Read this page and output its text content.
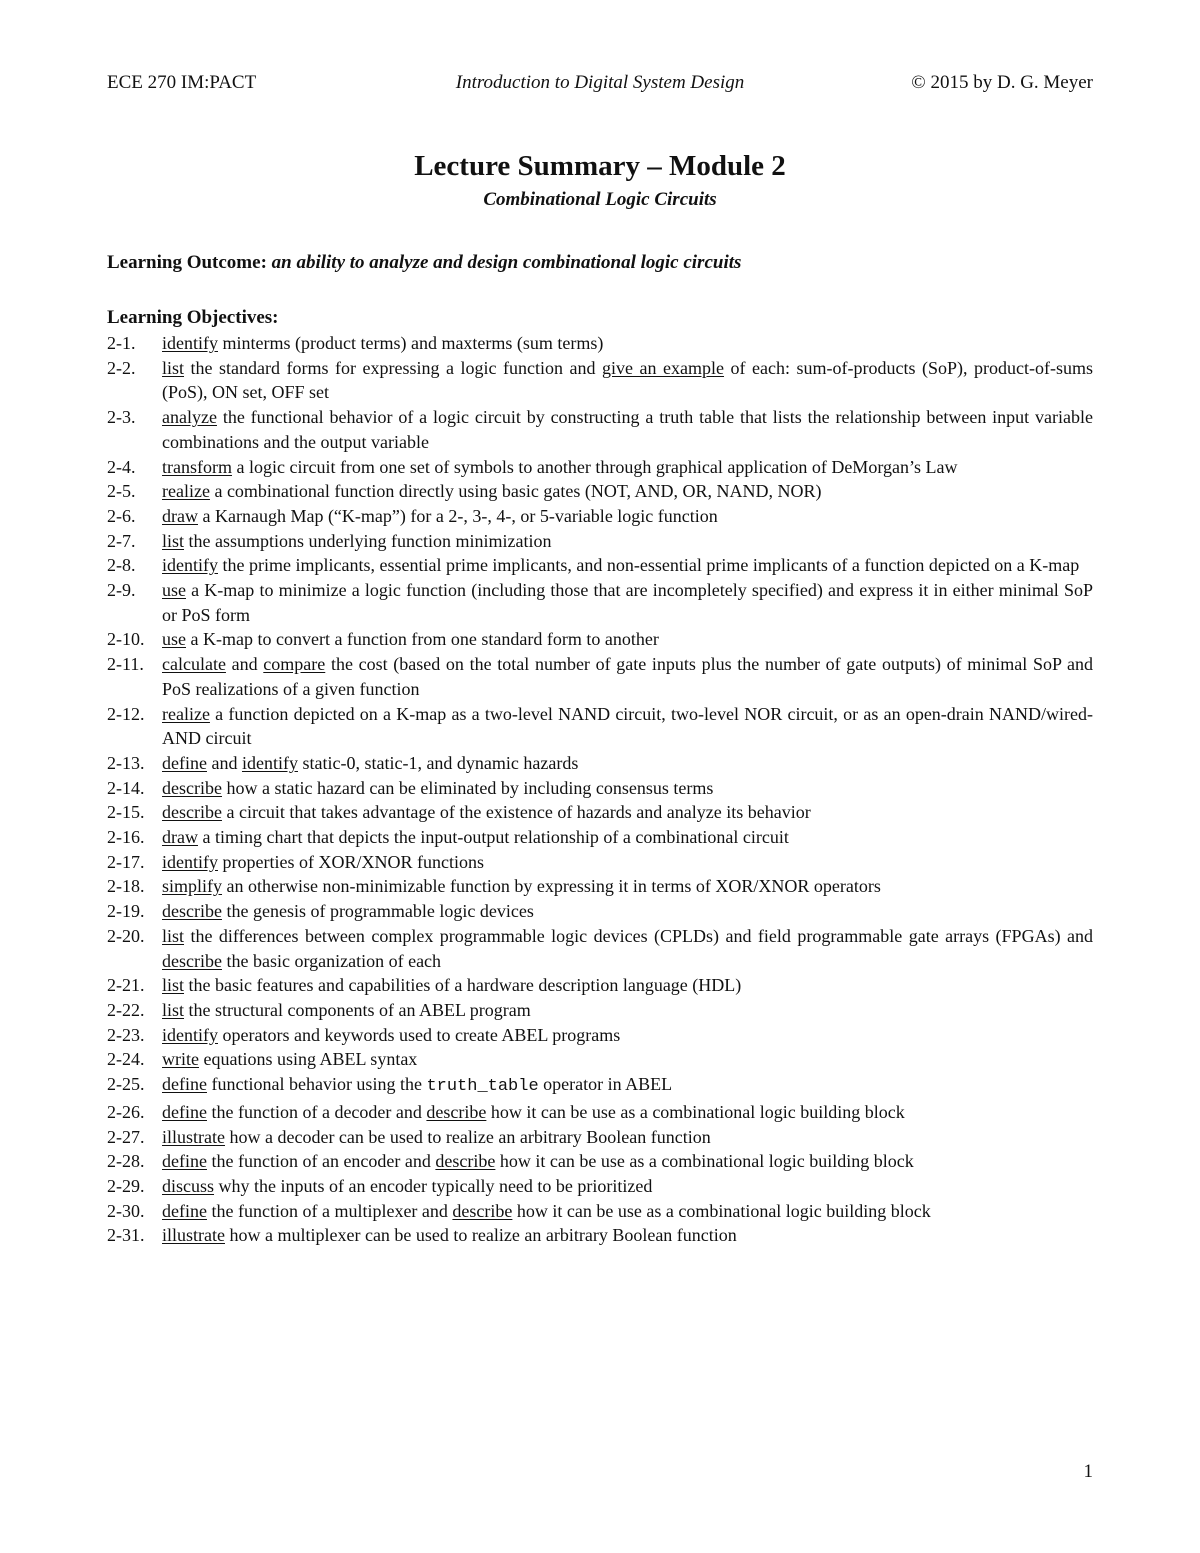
ECE 270 IM:PACT	Introduction to Digital System Design	© 2015 by D. G. Meyer
Lecture Summary – Module 2
Combinational Logic Circuits
Learning Outcome: an ability to analyze and design combinational logic circuits
Learning Objectives:
2-1. identify minterms (product terms) and maxterms (sum terms)
2-2. list the standard forms for expressing a logic function and give an example of each: sum-of-products (SoP), product-of-sums (PoS), ON set, OFF set
2-3. analyze the functional behavior of a logic circuit by constructing a truth table that lists the relationship between input variable combinations and the output variable
2-4. transform a logic circuit from one set of symbols to another through graphical application of DeMorgan’s Law
2-5. realize a combinational function directly using basic gates (NOT, AND, OR, NAND, NOR)
2-6. draw a Karnaugh Map (“K-map”) for a 2-, 3-, 4-, or 5-variable logic function
2-7. list the assumptions underlying function minimization
2-8. identify the prime implicants, essential prime implicants, and non-essential prime implicants of a function depicted on a K-map
2-9. use a K-map to minimize a logic function (including those that are incompletely specified) and express it in either minimal SoP or PoS form
2-10. use a K-map to convert a function from one standard form to another
2-11. calculate and compare the cost (based on the total number of gate inputs plus the number of gate outputs) of minimal SoP and PoS realizations of a given function
2-12. realize a function depicted on a K-map as a two-level NAND circuit, two-level NOR circuit, or as an open-drain NAND/wired-AND circuit
2-13. define and identify static-0, static-1, and dynamic hazards
2-14. describe how a static hazard can be eliminated by including consensus terms
2-15. describe a circuit that takes advantage of the existence of hazards and analyze its behavior
2-16. draw a timing chart that depicts the input-output relationship of a combinational circuit
2-17. identify properties of XOR/XNOR functions
2-18. simplify an otherwise non-minimizable function by expressing it in terms of XOR/XNOR operators
2-19. describe the genesis of programmable logic devices
2-20. list the differences between complex programmable logic devices (CPLDs) and field programmable gate arrays (FPGAs) and describe the basic organization of each
2-21. list the basic features and capabilities of a hardware description language (HDL)
2-22. list the structural components of an ABEL program
2-23. identify operators and keywords used to create ABEL programs
2-24. write equations using ABEL syntax
2-25. define functional behavior using the truth_table operator in ABEL
2-26. define the function of a decoder and describe how it can be use as a combinational logic building block
2-27. illustrate how a decoder can be used to realize an arbitrary Boolean function
2-28. define the function of an encoder and describe how it can be use as a combinational logic building block
2-29. discuss why the inputs of an encoder typically need to be prioritized
2-30. define the function of a multiplexer and describe how it can be use as a combinational logic building block
2-31. illustrate how a multiplexer can be used to realize an arbitrary Boolean function
1
